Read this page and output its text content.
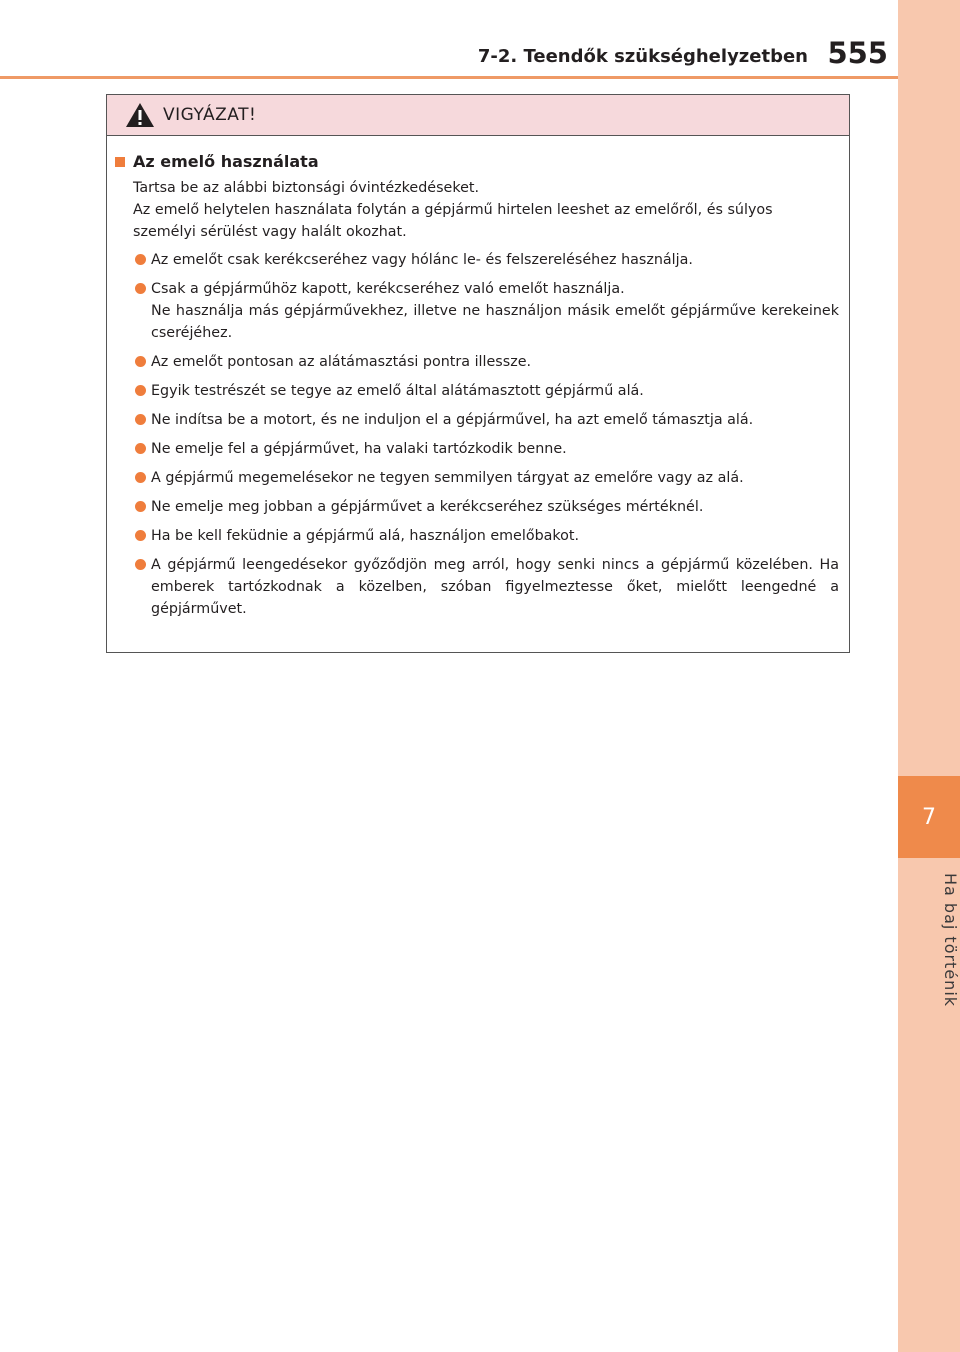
7
Ha baj történik
7-2. Teendők szükséghelyzetben 555
VIGYÁZAT!
Az emelő használata

Tartsa be az alábbi biztonsági óvintézkedéseket.

Az emelő helytelen használata folytán a gépjármű hirtelen leeshet az emelőről, és súlyos személyi sérülést vagy halált okozhat.

Az emelőt csak kerékcseréhez vagy hólánc le- és felszereléséhez használja.
Csak a gépjárműhöz kapott, kerékcseréhez való emelőt használja.
Ne használja más gépjárművekhez, illetve ne használjon másik emelőt gépjárműve kerekeinek cseréjéhez.
Az emelőt pontosan az alátámasztási pontra illessze.
Egyik testrészét se tegye az emelő által alátámasztott gépjármű alá.
Ne indítsa be a motort, és ne induljon el a gépjárművel, ha azt emelő támasztja alá.
Ne emelje fel a gépjárművet, ha valaki tartózkodik benne.
A gépjármű megemelésekor ne tegyen semmilyen tárgyat az emelőre vagy az alá.
Ne emelje meg jobban a gépjárművet a kerékcseréhez szükséges mértéknél.
Ha be kell feküdnie a gépjármű alá, használjon emelőbakot.
A gépjármű leengedésekor győződjön meg arról, hogy senki nincs a gépjármű közelében. Ha emberek tartózkodnak a közelben, szóban figyelmeztesse őket, mielőtt leengedné a gépjárművet.
